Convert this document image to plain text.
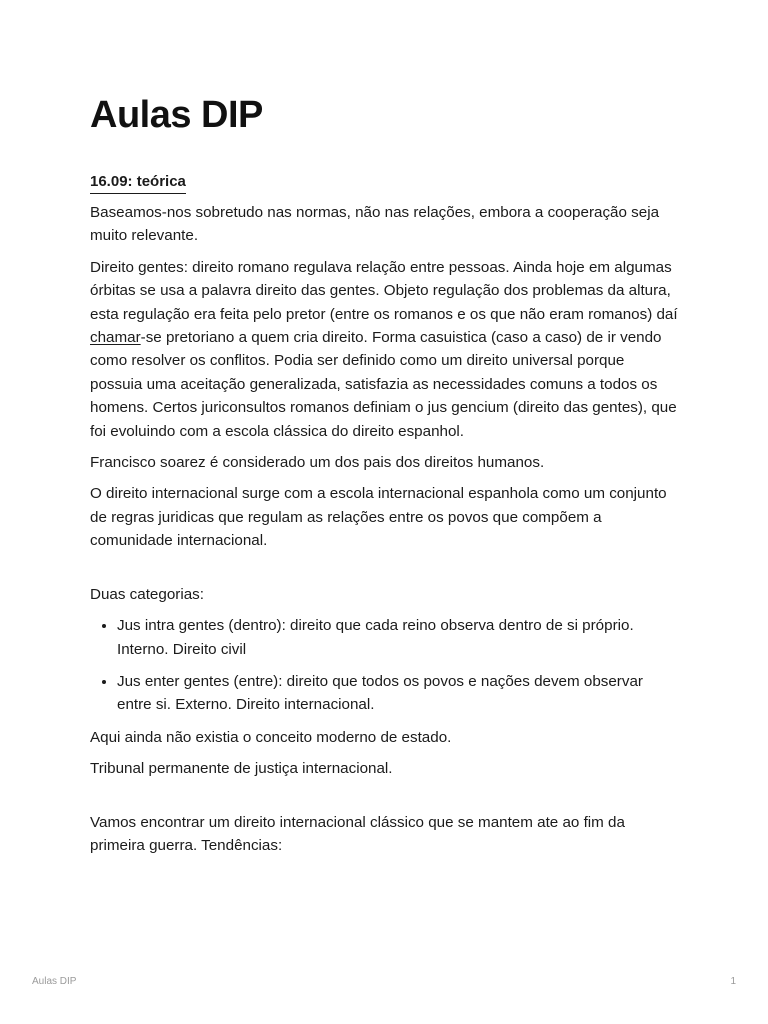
Aulas DIP
16.09: teórica

Baseamos-nos sobretudo nas normas, não nas relações, embora a cooperação seja muito relevante.

Direito gentes: direito romano regulava relação entre pessoas. Ainda hoje em algumas órbitas se usa a palavra direito das gentes. Objeto regulação dos problemas da altura, esta regulação era feita pelo pretor (entre os romanos e os que não eram romanos) daí chamar-se pretoriano a quem cria direito. Forma casuistica (caso a caso) de ir vendo como resolver os conflitos. Podia ser definido como um direito universal porque possuia uma aceitação generalizada, satisfazia as necessidades comuns a todos os homens. Certos juriconsultos romanos definiam o jus gencium (direito das gentes), que foi evoluindo com a escola clássica do direito espanhol.

Francisco soarez é considerado um dos pais dos direitos humanos.

O direito internacional surge com a escola internacional espanhola como um conjunto de regras juridicas que regulam as relações entre os povos que compõem a comunidade internacional.

Duas categorias:

• Jus intra gentes (dentro): direito que cada reino observa dentro de si próprio. Interno. Direito civil
• Jus enter gentes (entre): direito que todos os povos e nações devem observar entre si. Externo. Direito internacional.

Aqui ainda não existia o conceito moderno de estado.

Tribunal permanente de justiça internacional.

Vamos encontrar um direito internacional clássico que se mantem ate ao fim da primeira guerra. Tendências:

Aulas DIP	1
